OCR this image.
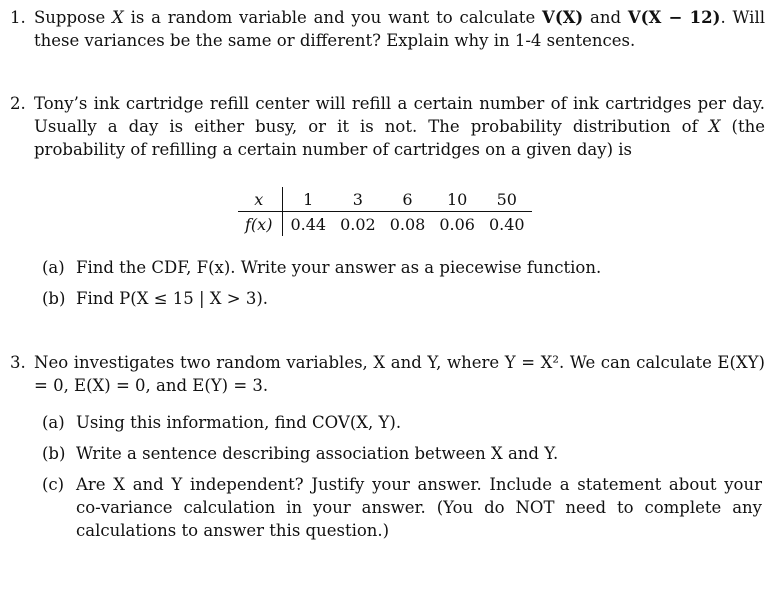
1. Suppose X is a random variable and you want to calculate V(X) and V(X − 12). Will these variances be the same or different? Explain why in 1-4 sentences.
2. Tony’s ink cartridge refill center will refill a certain number of ink cartridges per day. Usually a day is either busy, or it is not. The probability distribution of X (the probability of refilling a certain number of cartridges on a given day) is
x	1	3	6	10	50
f(x)	0.44	0.02	0.08	0.06	0.40
(a) Find the CDF, F(x). Write your answer as a piecewise function.
(b) Find P(X ≤ 15 | X > 3).
3. Neo investigates two random variables, X and Y, where Y = X². We can calculate E(XY) = 0, E(X) = 0, and E(Y) = 3.
(a) Using this information, find COV(X, Y).
(b) Write a sentence describing association between X and Y.
(c) Are X and Y independent? Justify your answer. Include a statement about your co-variance calculation in your answer. (You do NOT need to complete any calculations to answer this question.)
